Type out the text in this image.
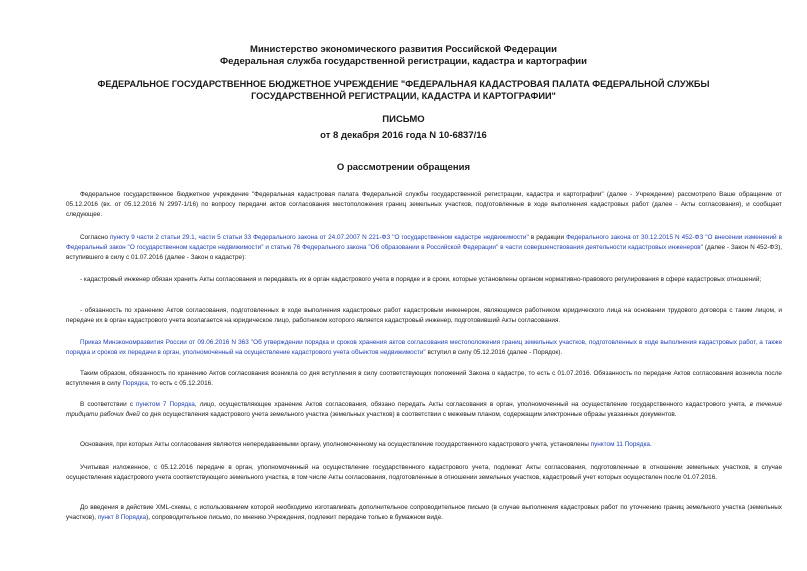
Министерство экономического развития Российской Федерации
Федеральная служба государственной регистрации, кадастра и картографии
ФЕДЕРАЛЬНОЕ ГОСУДАРСТВЕННОЕ БЮДЖЕТНОЕ УЧРЕЖДЕНИЕ "ФЕДЕРАЛЬНАЯ КАДАСТРОВАЯ ПАЛАТА ФЕДЕРАЛЬНОЙ СЛУЖБЫ ГОСУДАРСТВЕННОЙ РЕГИСТРАЦИИ, КАДАСТРА И КАРТОГРАФИИ"
ПИСЬМО
от 8 декабря 2016 года N 10-6837/16
О рассмотрении обращения

Федеральное государственное бюджетное учреждение "Федеральная кадастровая палата Федеральной службы государственной регистрации, кадастра и картографии" (далее - Учреждение) рассмотрело Ваше обращение от 05.12.2016 (вх. от 05.12.2016 N 2997-1/16) по вопросу передачи актов согласования местоположения границ земельных участков, подготовленные в ходе выполнения кадастровых работ (далее - Акты согласования), и сообщает следующее.

Согласно пункту 9 части 2 статьи 29.1, части 5 статьи 33 Федерального закона от 24.07.2007 N 221-ФЗ "О государственном кадастре недвижимости" в редакции Федерального закона от 30.12.2015 N 452-ФЗ "О внесении изменений в Федеральный закон "О государственном кадастре недвижимости" и статью 76 Федерального закона "Об образовании в Российской Федерации" в части совершенствования деятельности кадастровых инженеров" (далее - Закон N 452-ФЗ), вступившего в силу с 01.07.2016 (далее - Закон о кадастре):

- кадастровый инженер обязан хранить Акты согласования и передавать их в орган кадастрового учета в порядке и в сроки, которые установлены органом нормативно-правового регулирования в сфере кадастровых отношений;

- обязанность по хранению Актов согласования, подготовленных в ходе выполнения кадастровых работ кадастровым инженером, являющимся работником юридического лица на основании трудового договора с таким лицом, и передаче их в орган кадастрового учета возлагается на юридическое лицо, работником которого является кадастровый инженер, подготовивший Акты согласования.

Приказ Минэкономразвития России от 09.06.2016 N 363 "Об утверждении порядка и сроков хранения актов согласования местоположения границ земельных участков, подготовленных в ходе выполнения кадастровых работ, а также порядка и сроков их передачи в орган, уполномоченный на осуществление кадастрового учета объектов недвижимости" вступил в силу 05.12.2016 (далее - Порядок).

Таким образом, обязанность по хранению Актов согласования возникла со дня вступления в силу соответствующих положений Закона о кадастре, то есть с 01.07.2016. Обязанность по передаче Актов согласования возникла после вступления в силу Порядка, то есть с 05.12.2016.

В соответствии с пунктом 7 Порядка, лицо, осуществляющее хранение Актов согласования, обязано передать Акты согласования в орган, уполномоченный на осуществление государственного кадастрового учета, в течение тридцати рабочих дней со дня осуществления кадастрового учета земельного участка (земельных участков) в соответствии с межевым планом, содержащим электронные образы указанных документов.

Основания, при которых Акты согласования являются непередаваемыми органу, уполномоченному на осуществление государственного кадастрового учета, установлены пунктом 11 Порядка.

Учитывая изложенное, с 05.12.2016 передаче в орган, уполномоченный на осуществление государственного кадастрового учета, подлежат Акты согласования, подготовленные в отношении земельных участков, в случае осуществления кадастрового учета соответствующего земельного участка, в том числе Акты согласования, подготовленные в отношении земельных участков, кадастровый учет которых осуществлен после 01.07.2016.

До введения в действие XML-схемы, с использованием которой необходимо изготавливать дополнительное сопроводительное письмо (в случае выполнения кадастровых работ по уточнению границ земельного участка (земельных участков), пункт 8 Порядка), сопроводительное письмо, по мнению Учреждения, подлежит передаче только в бумажном виде.
